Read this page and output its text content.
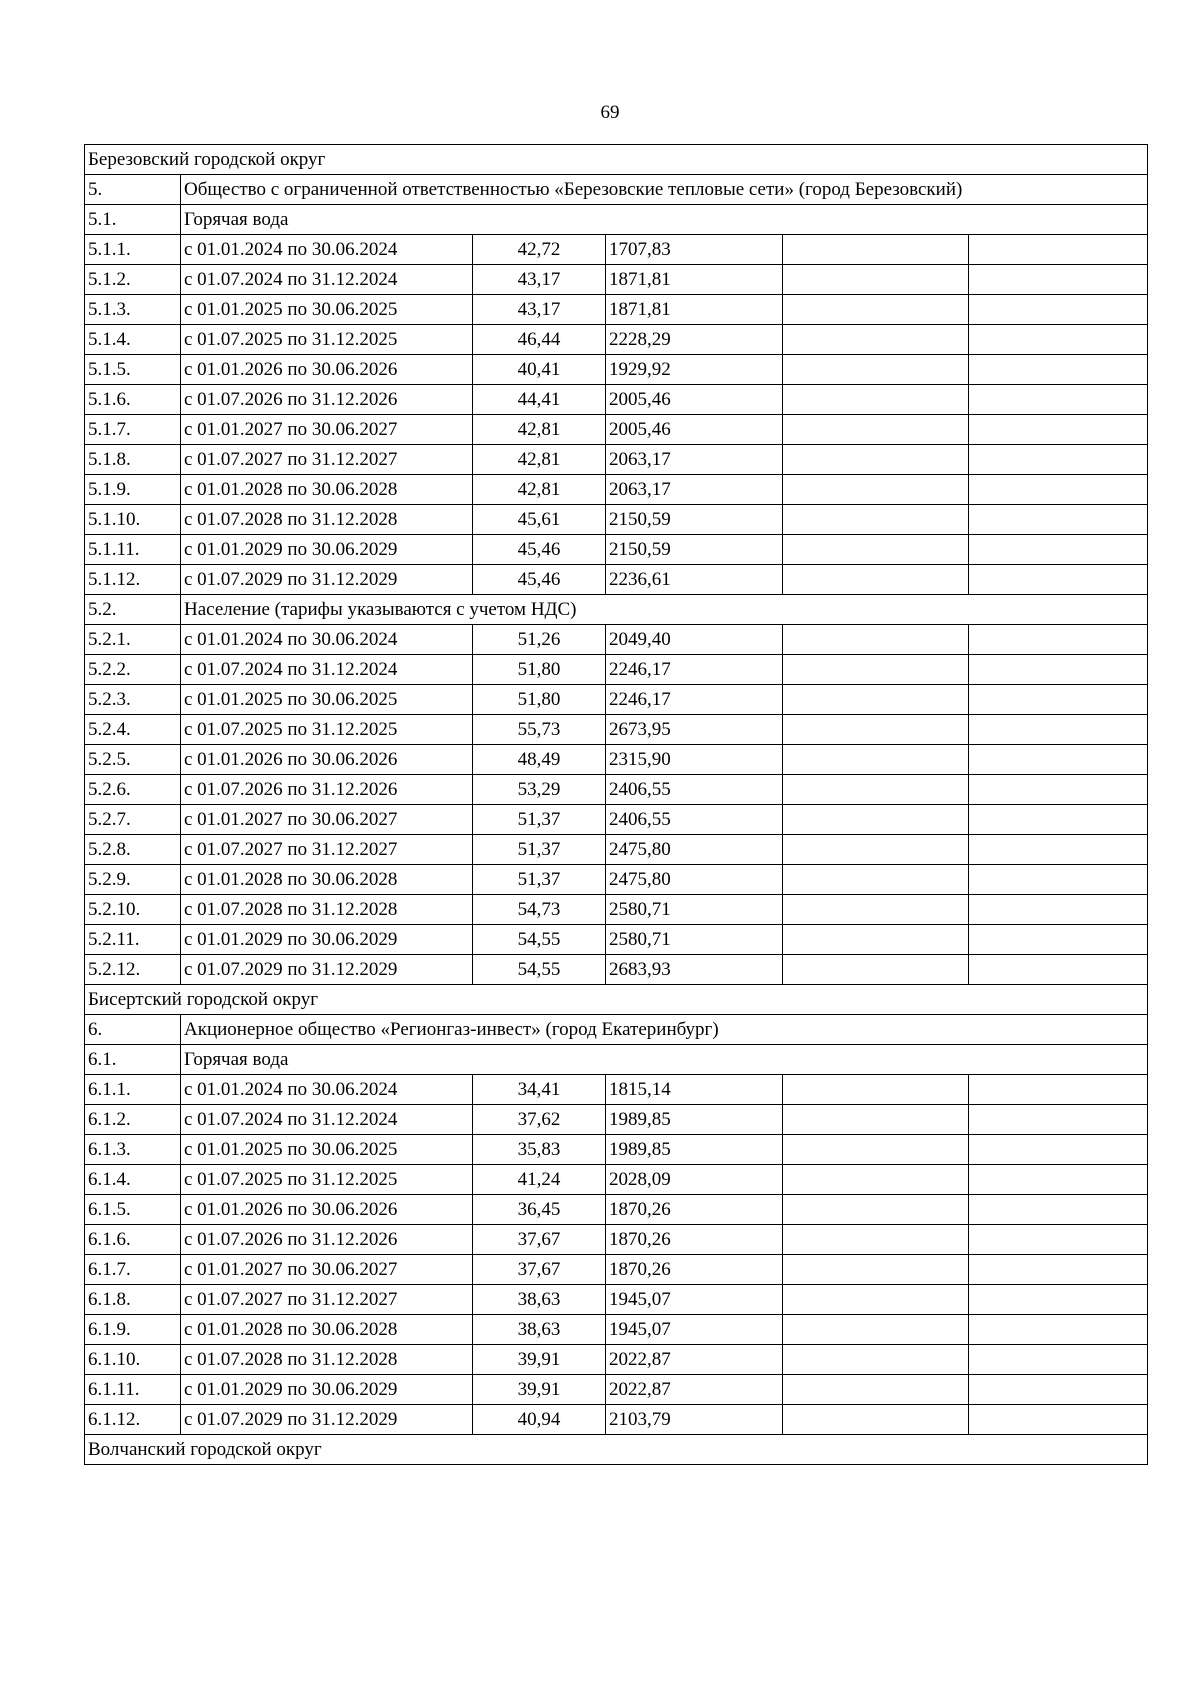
69
Березовский городской округ					
5.	Общество с ограниченной ответственностью «Березовские тепловые сети» (город Березовский)				
5.1.	Горячая вода				
5.1.1.	с 01.01.2024 по 30.06.2024	42,72	1707,83		
5.1.2.	с 01.07.2024 по 31.12.2024	43,17	1871,81		
5.1.3.	с 01.01.2025 по 30.06.2025	43,17	1871,81		
5.1.4.	с 01.07.2025 по 31.12.2025	46,44	2228,29		
5.1.5.	с 01.01.2026 по 30.06.2026	40,41	1929,92		
5.1.6.	с 01.07.2026 по 31.12.2026	44,41	2005,46		
5.1.7.	с 01.01.2027 по 30.06.2027	42,81	2005,46		
5.1.8.	с 01.07.2027 по 31.12.2027	42,81	2063,17		
5.1.9.	с 01.01.2028 по 30.06.2028	42,81	2063,17		
5.1.10.	с 01.07.2028 по 31.12.2028	45,61	2150,59		
5.1.11.	с 01.01.2029 по 30.06.2029	45,46	2150,59		
5.1.12.	с 01.07.2029 по 31.12.2029	45,46	2236,61		
5.2.	Население (тарифы указываются с учетом НДС)				
5.2.1.	с 01.01.2024 по 30.06.2024	51,26	2049,40		
5.2.2.	с 01.07.2024 по 31.12.2024	51,80	2246,17		
5.2.3.	с 01.01.2025 по 30.06.2025	51,80	2246,17		
5.2.4.	с 01.07.2025 по 31.12.2025	55,73	2673,95		
5.2.5.	с 01.01.2026 по 30.06.2026	48,49	2315,90		
5.2.6.	с 01.07.2026 по 31.12.2026	53,29	2406,55		
5.2.7.	с 01.01.2027 по 30.06.2027	51,37	2406,55		
5.2.8.	с 01.07.2027 по 31.12.2027	51,37	2475,80		
5.2.9.	с 01.01.2028 по 30.06.2028	51,37	2475,80		
5.2.10.	с 01.07.2028 по 31.12.2028	54,73	2580,71		
5.2.11.	с 01.01.2029 по 30.06.2029	54,55	2580,71		
5.2.12.	с 01.07.2029 по 31.12.2029	54,55	2683,93		
Бисертский городской округ					
6.	Акционерное общество «Регионгаз-инвест» (город Екатеринбург)				
6.1.	Горячая вода				
6.1.1.	с 01.01.2024 по 30.06.2024	34,41	1815,14		
6.1.2.	с 01.07.2024 по 31.12.2024	37,62	1989,85		
6.1.3.	с 01.01.2025 по 30.06.2025	35,83	1989,85		
6.1.4.	с 01.07.2025 по 31.12.2025	41,24	2028,09		
6.1.5.	с 01.01.2026 по 30.06.2026	36,45	1870,26		
6.1.6.	с 01.07.2026 по 31.12.2026	37,67	1870,26		
6.1.7.	с 01.01.2027 по 30.06.2027	37,67	1870,26		
6.1.8.	с 01.07.2027 по 31.12.2027	38,63	1945,07		
6.1.9.	с 01.01.2028 по 30.06.2028	38,63	1945,07		
6.1.10.	с 01.07.2028 по 31.12.2028	39,91	2022,87		
6.1.11.	с 01.01.2029 по 30.06.2029	39,91	2022,87		
6.1.12.	с 01.07.2029 по 31.12.2029	40,94	2103,79		
Волчанский городской округ					
